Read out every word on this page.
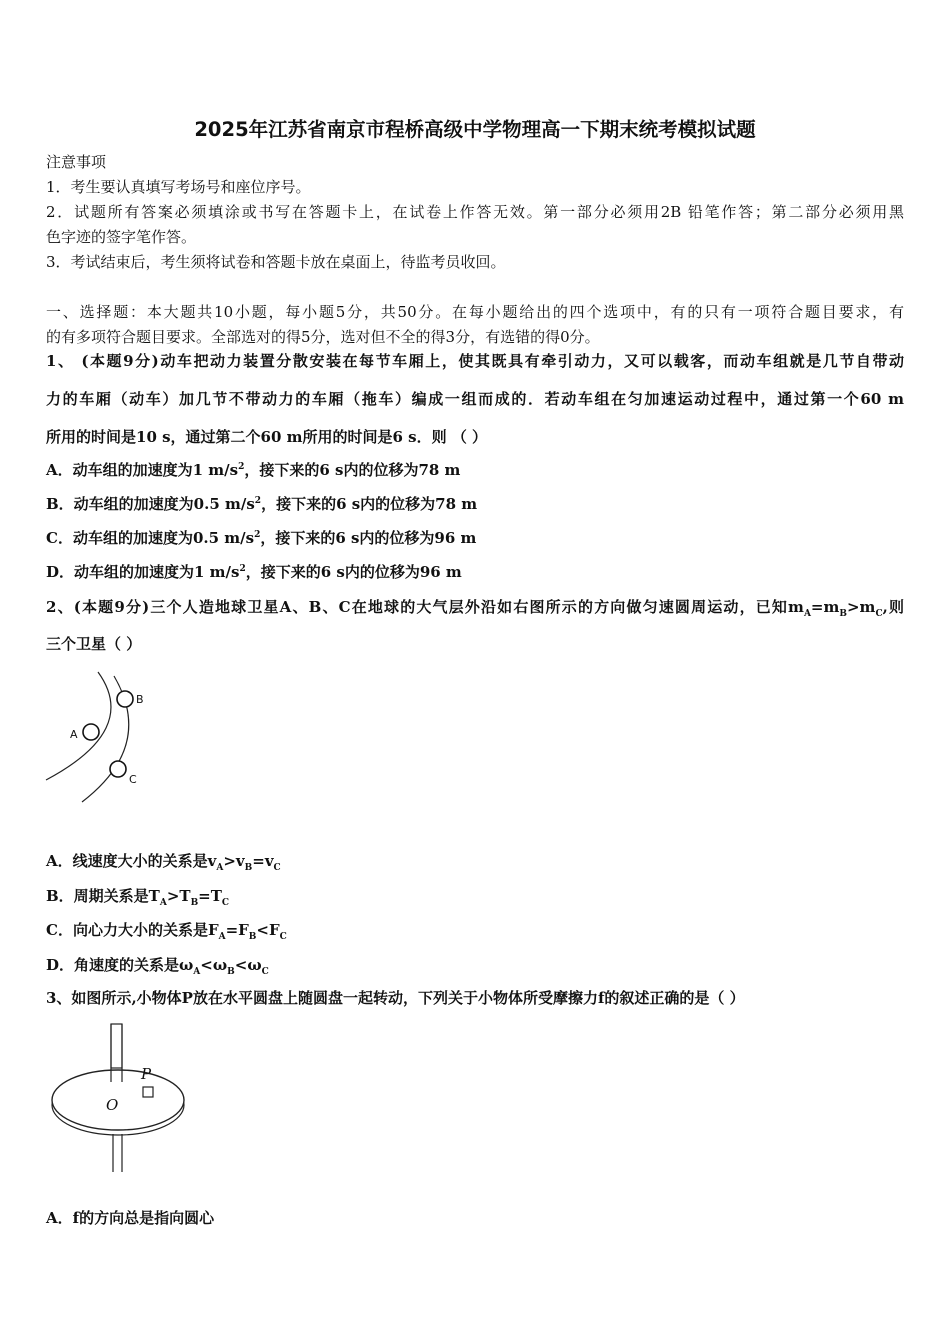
2025年江苏省南京市程桥高级中学物理高一下期末统考模拟试题
注意事项
1．考生要认真填写考场号和座位序号。
2．试题所有答案必须填涂或书写在答题卡上，在试卷上作答无效。第一部分必须用2B 铅笔作答；第二部分必须用黑
色字迹的签字笔作答。
3．考试结束后，考生须将试卷和答题卡放在桌面上，待监考员收回。
一、选择题：本大题共10小题，每小题5分，共50分。在每小题给出的四个选项中，有的只有一项符合题目要求，有
的有多项符合题目要求。全部选对的得5分，选对但不全的得3分，有选错的得0分。
1、 (本题9分)动车把动力装置分散安装在每节车厢上，使其既具有牵引动力，又可以载客，而动车组就是几节自带动
力的车厢（动车）加几节不带动力的车厢（拖车）编成一组而成的．若动车组在匀加速运动过程中，通过第一个60 m
所用的时间是10 s，通过第二个60 m所用的时间是6 s．则 （ ）
A．动车组的加速度为1 $m/s^2$，接下来的6 s内的位移为78 m
B．动车组的加速度为0.5 $m/s^2$，接下来的6 s内的位移为78 m
C．动车组的加速度为0.5 $m/s^2$，接下来的6 s内的位移为96 m
D．动车组的加速度为1 $m/s^2$，接下来的6 s内的位移为96 m
2、(本题9分)三个人造地球卫星A、B、C在地球的大气层外沿如右图所示的方向做匀速圆周运动，已知$m_A=m_B>m_C$,则
三个卫星（ ）
A
B
C
A．线速度大小的关系是$v_A>v_B=v_C$
B．周期关系是$T_A>T_B=T_C$
C．向心力大小的关系是$F_A=F_B<F_C$
D．角速度的关系是$\omega_A<\omega_B<\omega_C$
3、如图所示,小物体P放在水平圆盘上随圆盘一起转动，下列关于小物体所受摩擦力f的叙述正确的是（ ）
P
O
A．f的方向总是指向圆心
